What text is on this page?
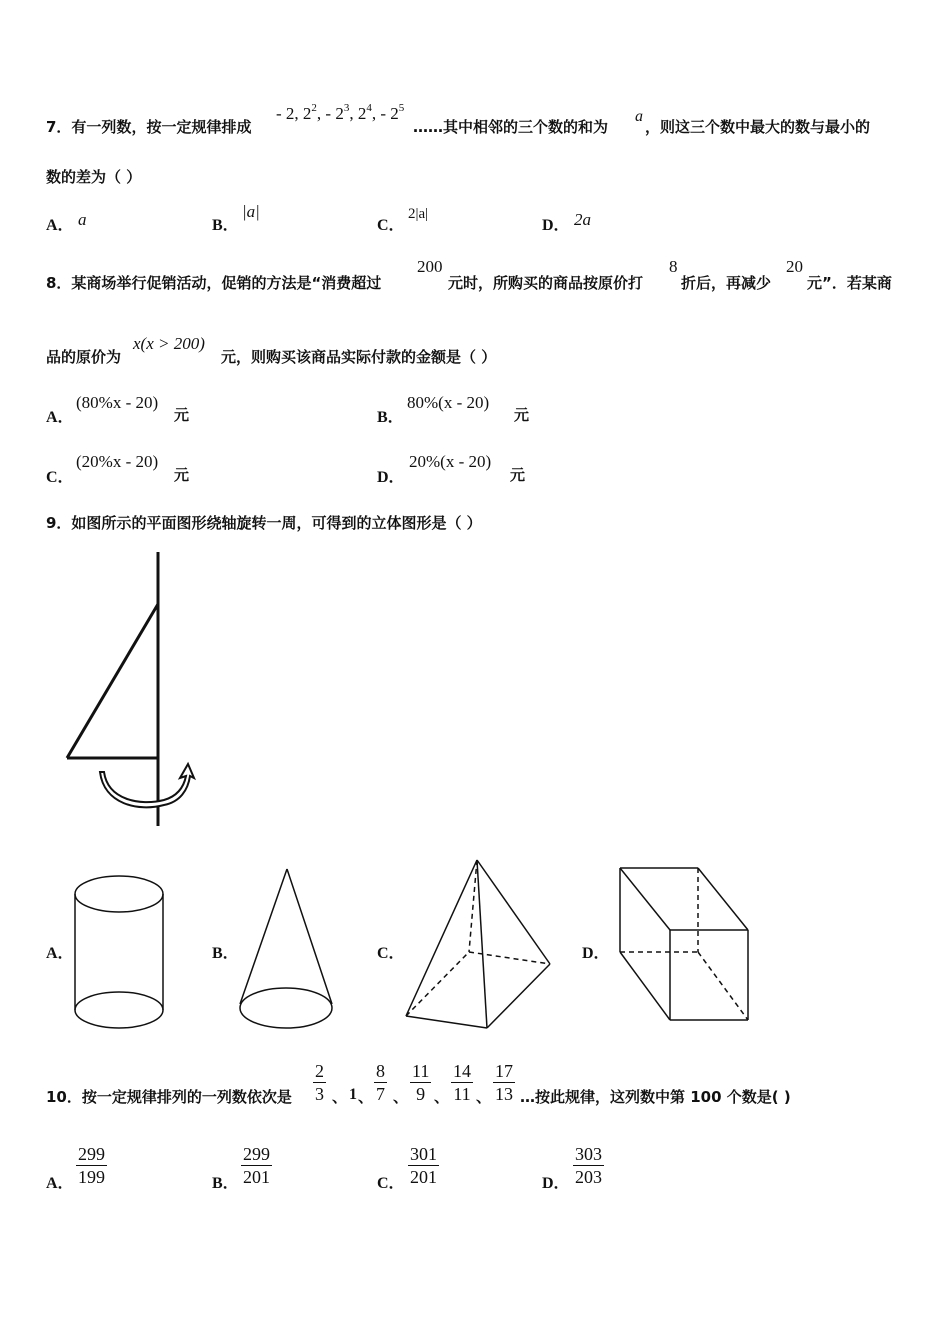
7．有一列数，按一定规律排成
- 2, $2^2$, - $2^3$, $2^4$, - $2^5$
……其中相邻的三个数的和为
a
，则这三个数中最大的数与最小的
数的差为（ ）
A． a	B．
|a|
C．
2|a|
D． 2a
8．某商场举行促销活动，促销的方法是“消费超过
200
元时，所购买的商品按原价打
8
折后，再减少
20
元”．若某商
品的原价为
x(x > 200)
元，则购买该商品实际付款的金额是（ ）
A．
(80%x - 20)
元	B．
80%(x - 20)
元
C．
(20%x - 20)
元	D．
20%(x - 20)
元
9．如图所示的平面图形绕轴旋转一周，可得到的立体图形是（ ）
A．	B．	C．	D．
10．按一定规律排列的一列数依次是 $\frac{2}{3}$ 、 1 、 $\frac{8}{7}$ 、 $\frac{11}{9}$ 、 $\frac{14}{11}$ 、 $\frac{17}{13}$ …按此规律，这列数中第 100 个数是( )
A． $\frac{299}{199}$	B． $\frac{299}{201}$	C． $\frac{301}{201}$	D． $\frac{303}{203}$
